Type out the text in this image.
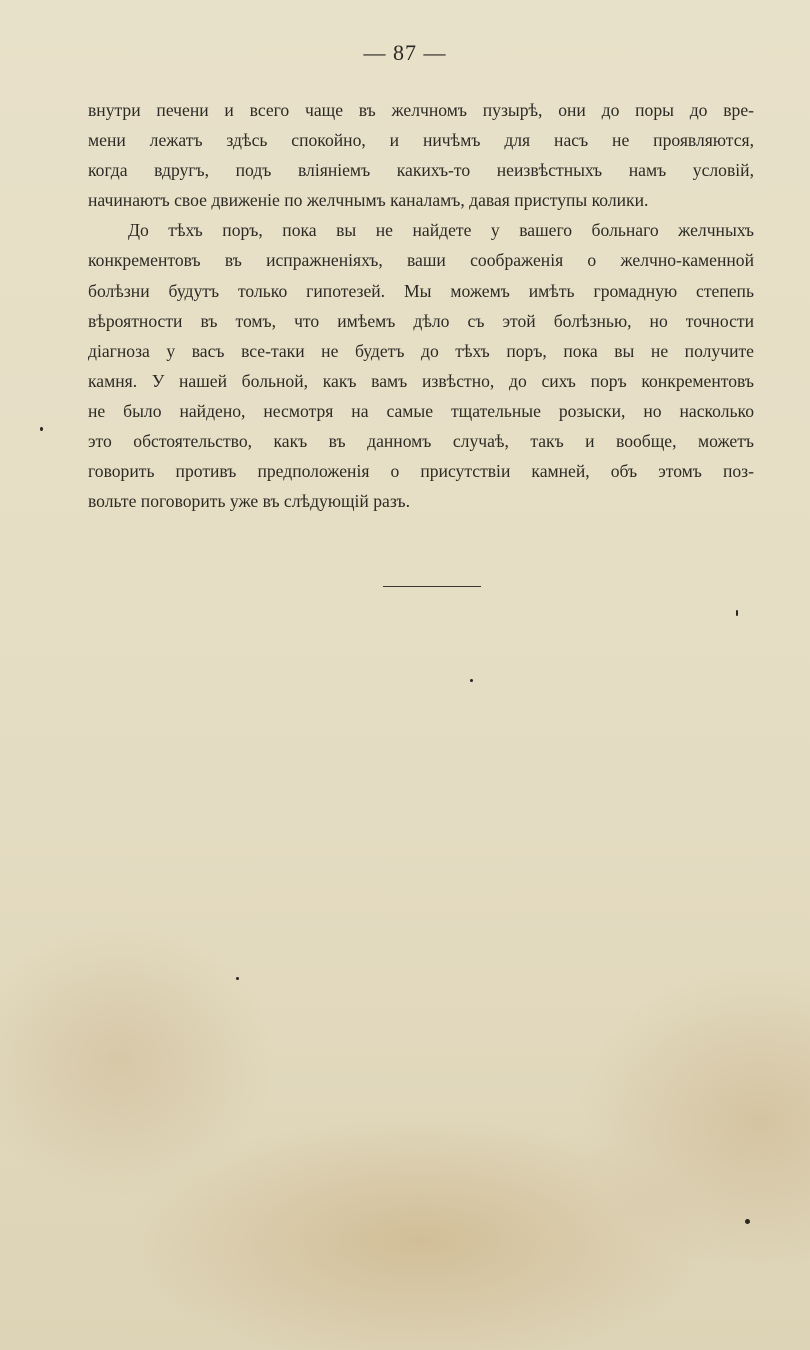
— 87 —
внутри печени и всего чаще въ желчномъ пузырѣ, они до поры до вре-
мени лежатъ здѣсь спокойно, и ничѣмъ для насъ не проявляются,
когда вдругъ, подъ вліяніемъ какихъ-то неизвѣстныхъ намъ условій,
начинаютъ свое движеніе по желчнымъ каналамъ, давая приступы колики.
До тѣхъ поръ, пока вы не найдете у вашего больнаго желчныхъ
конкрементовъ въ испражненіяхъ, ваши соображенія о желчно-каменной
болѣзни будутъ только гипотезей. Мы можемъ имѣть громадную степепь
вѣроятности въ томъ, что имѣемъ дѣло съ этой болѣзнью, но точности
діагноза у васъ все-таки не будетъ до тѣхъ поръ, пока вы не получите
камня. У нашей больной, какъ вамъ извѣстно, до сихъ поръ конкрементовъ
не было найдено, несмотря на самые тщательные розыски, но насколько
это обстоятельство, какъ въ данномъ случаѣ, такъ и вообще, можетъ
говорить противъ предположенія о присутствіи камней, объ этомъ поз-
вольте поговорить уже въ слѣдующій разъ.
